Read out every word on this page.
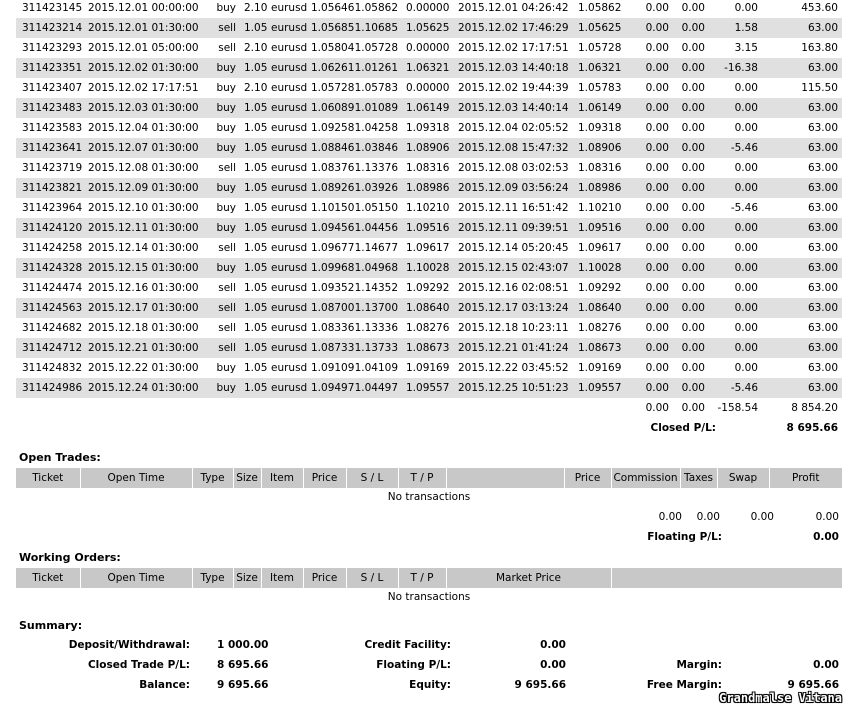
311423145	2015.12.01 00:00:00	buy	2.10	eurusd	1.05646	1.05862	0.00000	2015.12.01 04:26:42	1.05862	0.00	0.00	0.00	453.60
311423214	2015.12.01 01:30:00	sell	1.05	eurusd	1.05685	1.10685	1.05625	2015.12.02 17:46:29	1.05625	0.00	0.00	1.58	63.00
311423293	2015.12.01 05:00:00	sell	2.10	eurusd	1.05804	1.05728	0.00000	2015.12.02 17:17:51	1.05728	0.00	0.00	3.15	163.80
311423351	2015.12.02 01:30:00	buy	1.05	eurusd	1.06261	1.01261	1.06321	2015.12.03 14:40:18	1.06321	0.00	0.00	-16.38	63.00
311423407	2015.12.02 17:17:51	buy	2.10	eurusd	1.05728	1.05783	0.00000	2015.12.02 19:44:39	1.05783	0.00	0.00	0.00	115.50
311423483	2015.12.03 01:30:00	buy	1.05	eurusd	1.06089	1.01089	1.06149	2015.12.03 14:40:14	1.06149	0.00	0.00	0.00	63.00
311423583	2015.12.04 01:30:00	buy	1.05	eurusd	1.09258	1.04258	1.09318	2015.12.04 02:05:52	1.09318	0.00	0.00	0.00	63.00
311423641	2015.12.07 01:30:00	buy	1.05	eurusd	1.08846	1.03846	1.08906	2015.12.08 15:47:32	1.08906	0.00	0.00	-5.46	63.00
311423719	2015.12.08 01:30:00	sell	1.05	eurusd	1.08376	1.13376	1.08316	2015.12.08 03:02:53	1.08316	0.00	0.00	0.00	63.00
311423821	2015.12.09 01:30:00	buy	1.05	eurusd	1.08926	1.03926	1.08986	2015.12.09 03:56:24	1.08986	0.00	0.00	0.00	63.00
311423964	2015.12.10 01:30:00	buy	1.05	eurusd	1.10150	1.05150	1.10210	2015.12.11 16:51:42	1.10210	0.00	0.00	-5.46	63.00
311424120	2015.12.11 01:30:00	buy	1.05	eurusd	1.09456	1.04456	1.09516	2015.12.11 09:39:51	1.09516	0.00	0.00	0.00	63.00
311424258	2015.12.14 01:30:00	sell	1.05	eurusd	1.09677	1.14677	1.09617	2015.12.14 05:20:45	1.09617	0.00	0.00	0.00	63.00
311424328	2015.12.15 01:30:00	buy	1.05	eurusd	1.09968	1.04968	1.10028	2015.12.15 02:43:07	1.10028	0.00	0.00	0.00	63.00
311424474	2015.12.16 01:30:00	sell	1.05	eurusd	1.09352	1.14352	1.09292	2015.12.16 02:08:51	1.09292	0.00	0.00	0.00	63.00
311424563	2015.12.17 01:30:00	sell	1.05	eurusd	1.08700	1.13700	1.08640	2015.12.17 03:13:24	1.08640	0.00	0.00	0.00	63.00
311424682	2015.12.18 01:30:00	sell	1.05	eurusd	1.08336	1.13336	1.08276	2015.12.18 10:23:11	1.08276	0.00	0.00	0.00	63.00
311424712	2015.12.21 01:30:00	sell	1.05	eurusd	1.08733	1.13733	1.08673	2015.12.21 01:41:24	1.08673	0.00	0.00	0.00	63.00
311424832	2015.12.22 01:30:00	buy	1.05	eurusd	1.09109	1.04109	1.09169	2015.12.22 03:45:52	1.09169	0.00	0.00	0.00	63.00
311424986	2015.12.24 01:30:00	buy	1.05	eurusd	1.09497	1.04497	1.09557	2015.12.25 10:51:23	1.09557	0.00	0.00	-5.46	63.00
										0.00	0.00	-158.54	8 854.20
										Closed P/L:			8 695.66
Open Trades:
Ticket	Open Time	Type	Size	Item	Price	S / L	T / P		Price	Commission	Taxes	Swap	Profit
No transactions
0.00	0.00	0.00	0.00
Floating P/L:	0.00
Working Orders:
Ticket	Open Time	Type	Size	Item	Price	S / L	T / P	Market Price	
No transactions
Summary:
Deposit/Withdrawal:	1 000.00	Credit Facility:	0.00
Closed Trade P/L:	8 695.66	Floating P/L:	0.00	Margin:	0.00
Balance:	9 695.66	Equity:	9 695.66	Free Margin:	9 695.66
Grandmalse Vitana
